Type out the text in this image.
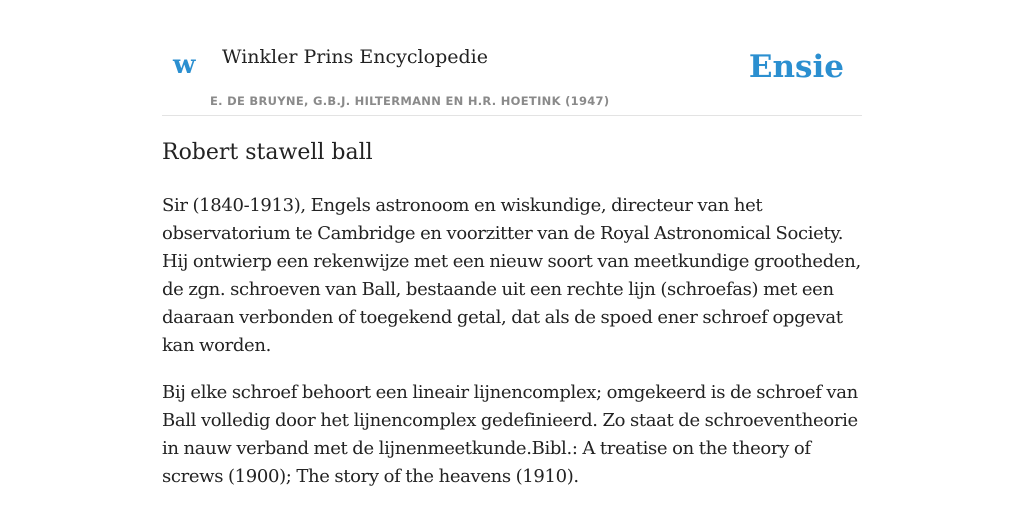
w Winkler Prins Encyclopedie
E. DE BRUYNE, G.B.J. HILTERMANN EN H.R. HOETINK (1947)
Ensie
Robert stawell ball

Sir (1840-1913), Engels astronoom en wiskundige, directeur van het observatorium te Cambridge en voorzitter van de Royal Astronomical Society. Hij ontwierp een rekenwijze met een nieuw soort van meetkundige grootheden, de zgn. schroeven van Ball, bestaande uit een rechte lijn (schroefas) met een daaraan verbonden of toegekend getal, dat als de spoed ener schroef opgevat kan worden.

Bij elke schroef behoort een lineair lijnencomplex; omgekeerd is de schroef van Ball volledig door het lijnencomplex gedefinieerd. Zo staat de schroeventheorie in nauw verband met de lijnenmeetkunde.Bibl.: A treatise on the theory of screws (1900); The story of the heavens (1910).
